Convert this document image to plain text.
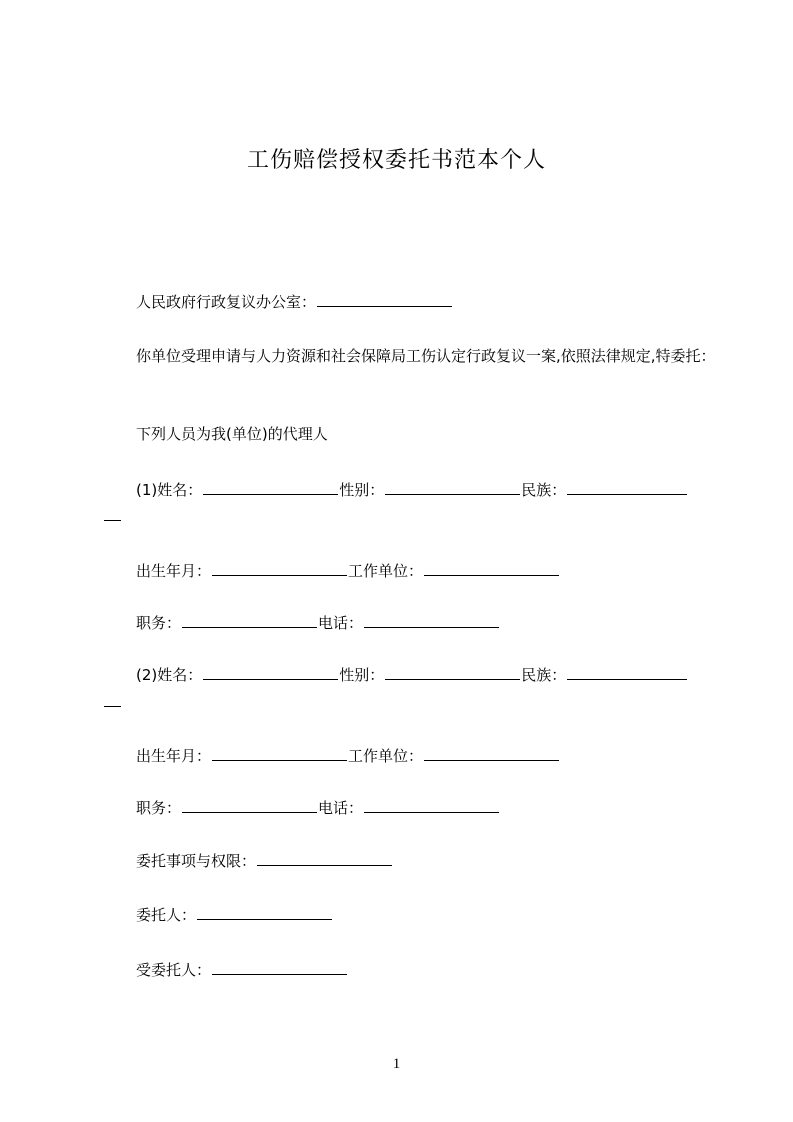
工伤赔偿授权委托书范本个人
人民政府行政复议办公室：
你单位受理申请与人力资源和社会保障局工伤认定行政复议一案,依照法律规定,特委托：
下列人员为我(单位)的代理人
(1)姓名：	性别：	民族：
出生年月：	工作单位：
职务：	电话：
(2)姓名：	性别：	民族：
出生年月：	工作单位：
职务：	电话：
委托事项与权限：
委托人：
受委托人：
1
